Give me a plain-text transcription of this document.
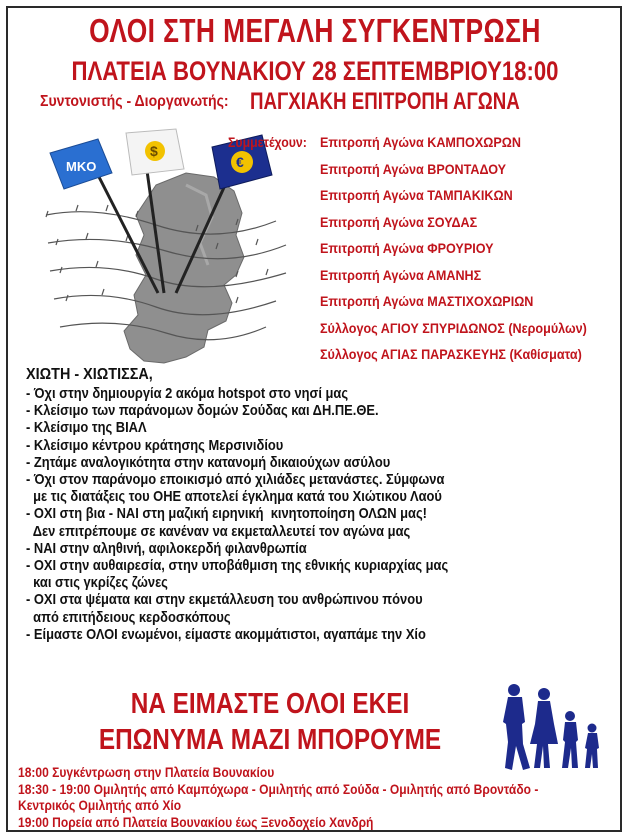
ΟΛΟΙ ΣΤΗ ΜΕΓΑΛΗ ΣΥΓΚΕΝΤΡΩΣΗ
ΠΛΑΤΕΙΑ ΒΟΥΝΑΚΙΟΥ 28 ΣΕΠΤΕΜΒΡΙΟΥ18:00
Συντονιστής - Διοργανωτής: ΠΑΓΧΙΑΚΗ ΕΠΙΤΡΟΠΗ ΑΓΩΝΑ
MKO
$
€
Συμμετέχουν: Επιτροπή Αγώνα ΚΑΜΠΟΧΩΡΩΝ
Επιτροπή Αγώνα ΒΡΟΝΤΑΔΟΥ
Επιτροπή Αγώνα ΤΑΜΠΑΚΙΚΩΝ
Επιτροπή Αγώνα ΣΟΥΔΑΣ
Επιτροπή Αγώνα ΦΡΟΥΡΙΟΥ
Επιτροπή Αγώνα ΑΜΑΝΗΣ
Επιτροπή Αγώνα ΜΑΣΤΙΧΟΧΩΡΙΩΝ
Σύλλογος ΑΓΙΟΥ ΣΠΥΡΙΔΩΝΟΣ (Νερομύλων)
Σύλλογος ΑΓΙΑΣ ΠΑΡΑΣΚΕΥΗΣ (Καθίσματα)
ΧΙΩΤΗ - ΧΙΩΤΙΣΣΑ,
- Όχι στην δημιουργία 2 ακόμα hotspot στο νησί μας
- Κλείσιμο των παράνομων δομών Σούδας και ΔΗ.ΠΕ.ΘΕ.
- Κλείσιμο της ΒΙΑΛ
- Κλείσιμο κέντρου κράτησης Μερσινιδίου
- Ζητάμε αναλογικότητα στην κατανομή δικαιούχων ασύλου
- Όχι στον παράνομο εποικισμό από χιλιάδες μετανάστες. Σύμφωνα
με τις διατάξεις του ΟΗΕ αποτελεί έγκλημα κατά του Χιώτικου Λαού
- ΟΧΙ στη βια - ΝΑΙ στη μαζική ειρηνική  κινητοποίηση ΟΛΩΝ μας!
Δεν επιτρέπουμε σε κανέναν να εκμεταλλευτεί τον αγώνα μας
- ΝΑΙ στην αληθινή, αφιλοκερδή φιλανθρωπία
- ΟΧΙ στην αυθαιρεσία, στην υποβάθμιση της εθνικής κυριαρχίας μας
και στις γκρίζες ζώνες
- ΟΧΙ στα ψέματα και στην εκμετάλλευση του ανθρώπινου πόνου
από επιτήδειους κερδοσκόπους
- Είμαστε ΟΛΟΙ ενωμένοι, είμαστε ακομμάτιστοι, αγαπάμε την Χίο
ΝΑ ΕΙΜΑΣΤΕ ΟΛΟΙ ΕΚΕΙ
ΕΠΩΝΥΜΑ ΜΑΖΙ ΜΠΟΡΟΥΜΕ
18:00 Συγκέντρωση στην Πλατεία Βουνακίου
18:30 - 19:00 Ομιλητής από Καμπόχωρα - Ομιλητής από Σούδα - Ομιλητής από Βροντάδο -
Κεντρικός Ομιλητής από Χίο
19:00 Πορεία από Πλατεία Βουνακίου έως Ξενοδοχείο Χανδρή
